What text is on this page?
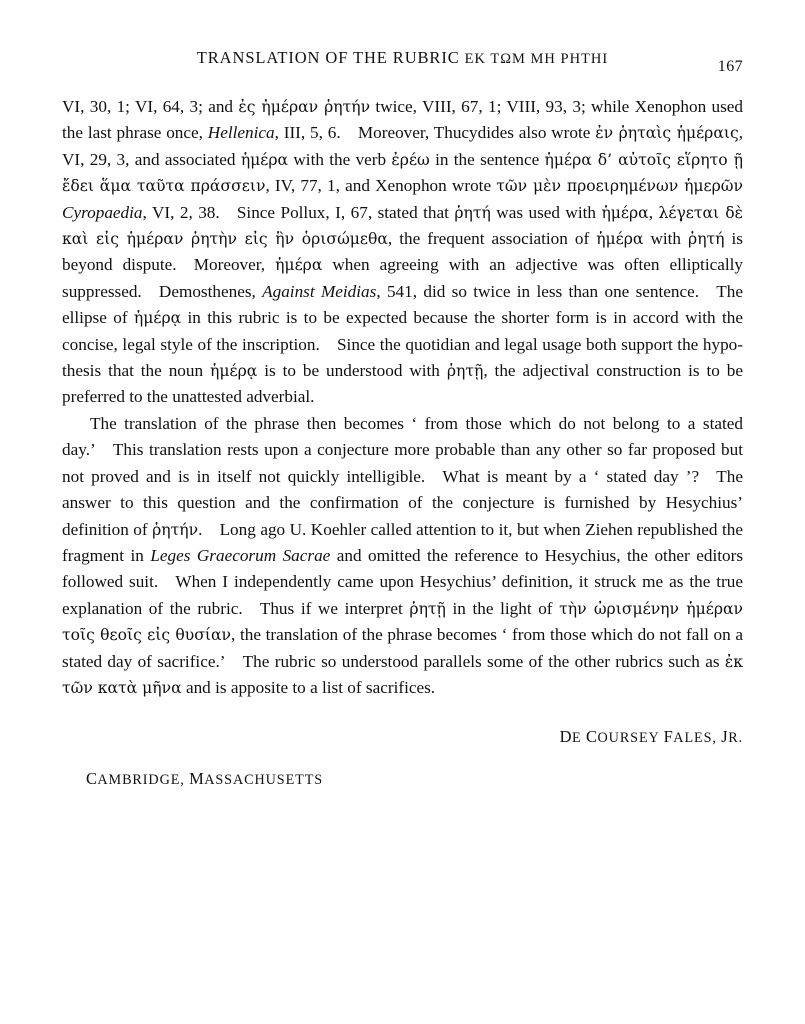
TRANSLATION OF THE RUBRIC EK TΩM MH PHTHI	167

VI, 30, 1; VI, 64, 3; and ἐς ἡμέραν ῥητήν twice, VIII, 67, 1; VIII, 93, 3; while Xenophon used the last phrase once, Hellenica, III, 5, 6. Moreover, Thucydides also wrote ἐν ῥηταὶς ἡμέραις, VI, 29, 3, and associated ἡμέρα with the verb ἐρέω in the sentence ἡμέρα δ’ αὐτοῖς εἵρητο ῇ ἔδει ἅμα ταῦτα πράσσειν, IV, 77, 1, and Xenophon wrote τῶν μὲν προειρημένων ἡμερῶν Cyropaedia, VI, 2, 38. Since Pollux, I, 67, stated that ῥητή was used with ἡμέρα, λέγεται δὲ καὶ εἰς ἡμέραν ῥητὴν εἰς ἣν ὁρισώμεθα, the frequent association of ἡμέρα with ῥητή is beyond dispute. Moreover, ἡμέρα when agreeing with an adjective was often elliptically suppressed. Demosthenes, Against Meidias, 541, did so twice in less than one sentence. The ellipse of ἡμέρᾳ in this rubric is to be expected because the shorter form is in accord with the concise, legal style of the inscription. Since the quotidian and legal usage both support the hypo-thesis that the noun ἡμέρᾳ is to be understood with ῥητῇ, the adjectival construction is to be preferred to the unattested adverbial.

The translation of the phrase then becomes ‘ from those which do not belong to a stated day.’ This translation rests upon a conjecture more probable than any other so far proposed but not proved and is in itself not quickly intelligible. What is meant by a ‘ stated day ’? The answer to this question and the confirmation of the conjecture is furnished by Hesychius’ definition of ῥητήν. Long ago U. Koehler called attention to it, but when Ziehen republished the fragment in Leges Graecorum Sacrae and omitted the reference to Hesychius, the other editors followed suit. When I independently came upon Hesychius’ definition, it struck me as the true explanation of the rubric. Thus if we interpret ῥητῇ in the light of τὴν ὠρισμένην ἡμέραν τοῖς θεοῖς εἰς θυσίαν, the translation of the phrase becomes ‘ from those which do not fall on a stated day of sacrifice.’ The rubric so understood parallels some of the other rubrics such as ἐκ τῶν κατὰ μῆνα and is apposite to a list of sacrifices.

DE COURSEY FALES, JR.
CAMBRIDGE, MASSACHUSETTS
